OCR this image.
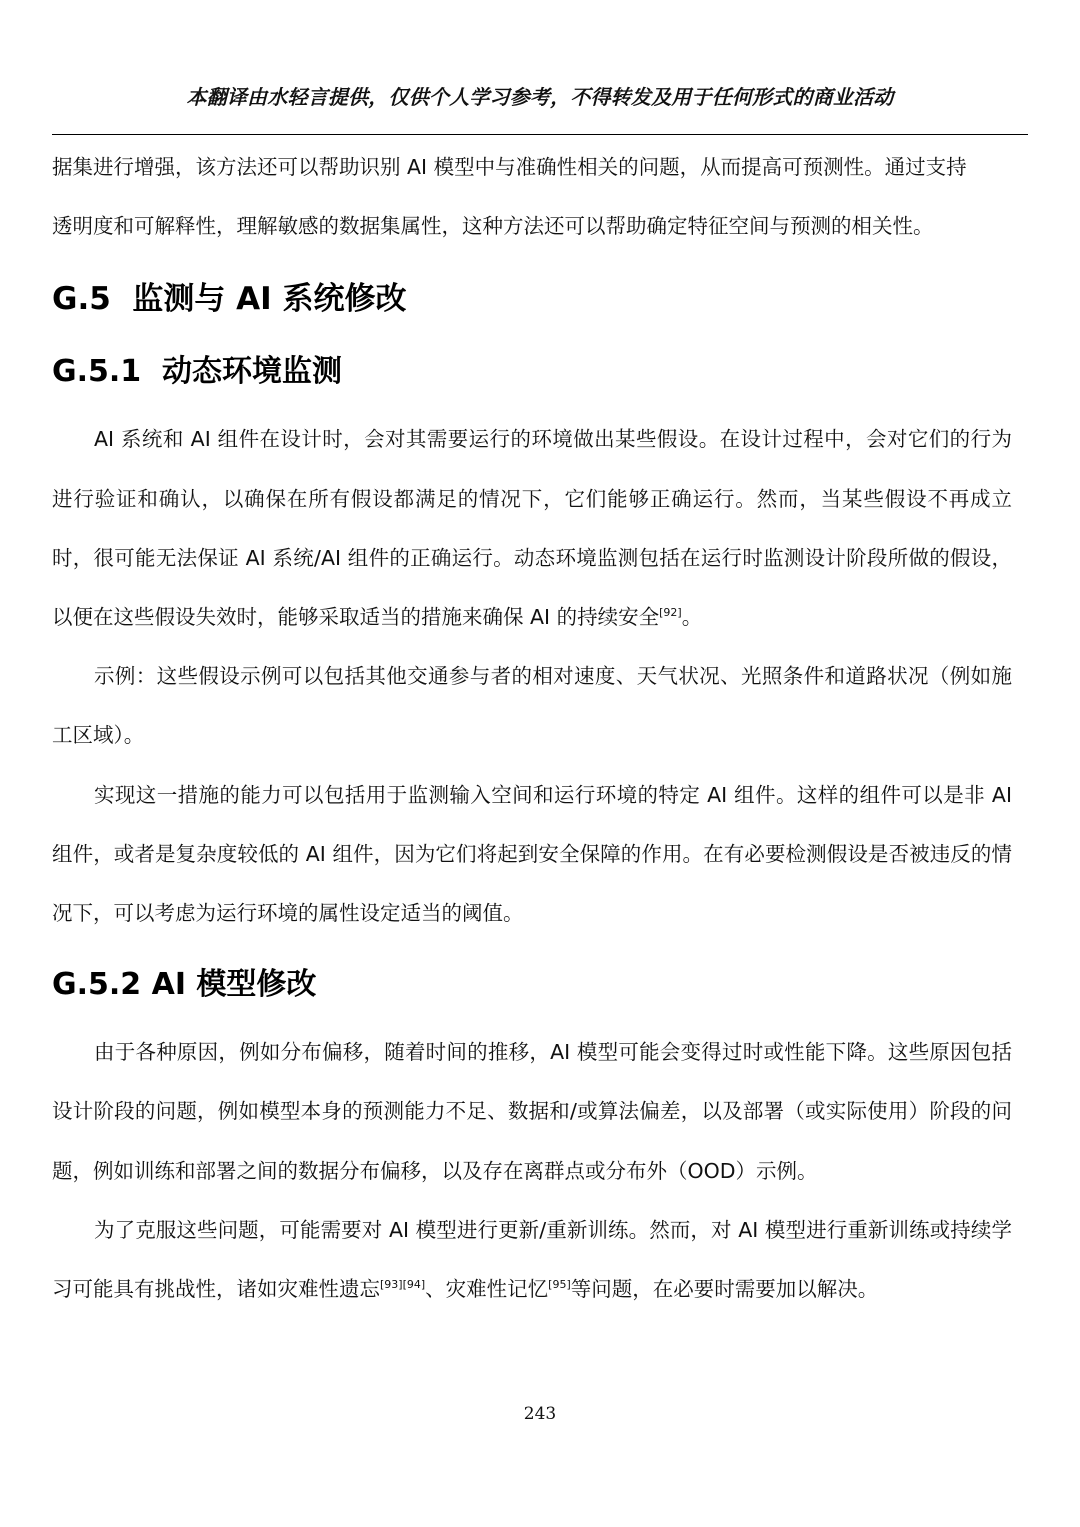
本翻译由水轻言提供，仅供个人学习参考，不得转发及用于任何形式的商业活动

据集进行增强，该方法还可以帮助识别 AI 模型中与准确性相关的问题，从而提高可预测性。通过支持
透明度和可解释性，理解敏感的数据集属性，这种方法还可以帮助确定特征空间与预测的相关性。

G.5  监测与 AI 系统修改
G.5.1  动态环境监测

AI 系统和 AI 组件在设计时，会对其需要运行的环境做出某些假设。在设计过程中，会对它们的行为进行验证和确认，以确保在所有假设都满足的情况下，它们能够正确运行。然而，当某些假设不再成立时，很可能无法保证 AI 系统/AI 组件的正确运行。动态环境监测包括在运行时监测设计阶段所做的假设，以便在这些假设失效时，能够采取适当的措施来确保 AI 的持续安全[92]。

示例：这些假设示例可以包括其他交通参与者的相对速度、天气状况、光照条件和道路状况（例如施工区域）。

实现这一措施的能力可以包括用于监测输入空间和运行环境的特定 AI 组件。这样的组件可以是非 AI 组件，或者是复杂度较低的 AI 组件，因为它们将起到安全保障的作用。在有必要检测假设是否被违反的情况下，可以考虑为运行环境的属性设定适当的阈值。

G.5.2 AI 模型修改

由于各种原因，例如分布偏移，随着时间的推移，AI 模型可能会变得过时或性能下降。这些原因包括设计阶段的问题，例如模型本身的预测能力不足、数据和/或算法偏差，以及部署（或实际使用）阶段的问题，例如训练和部署之间的数据分布偏移，以及存在离群点或分布外（OOD）示例。

为了克服这些问题，可能需要对 AI 模型进行更新/重新训练。然而，对 AI 模型进行重新训练或持续学习可能具有挑战性，诸如灾难性遗忘[93][94]、灾难性记忆[95]等问题，在必要时需要加以解决。

243
